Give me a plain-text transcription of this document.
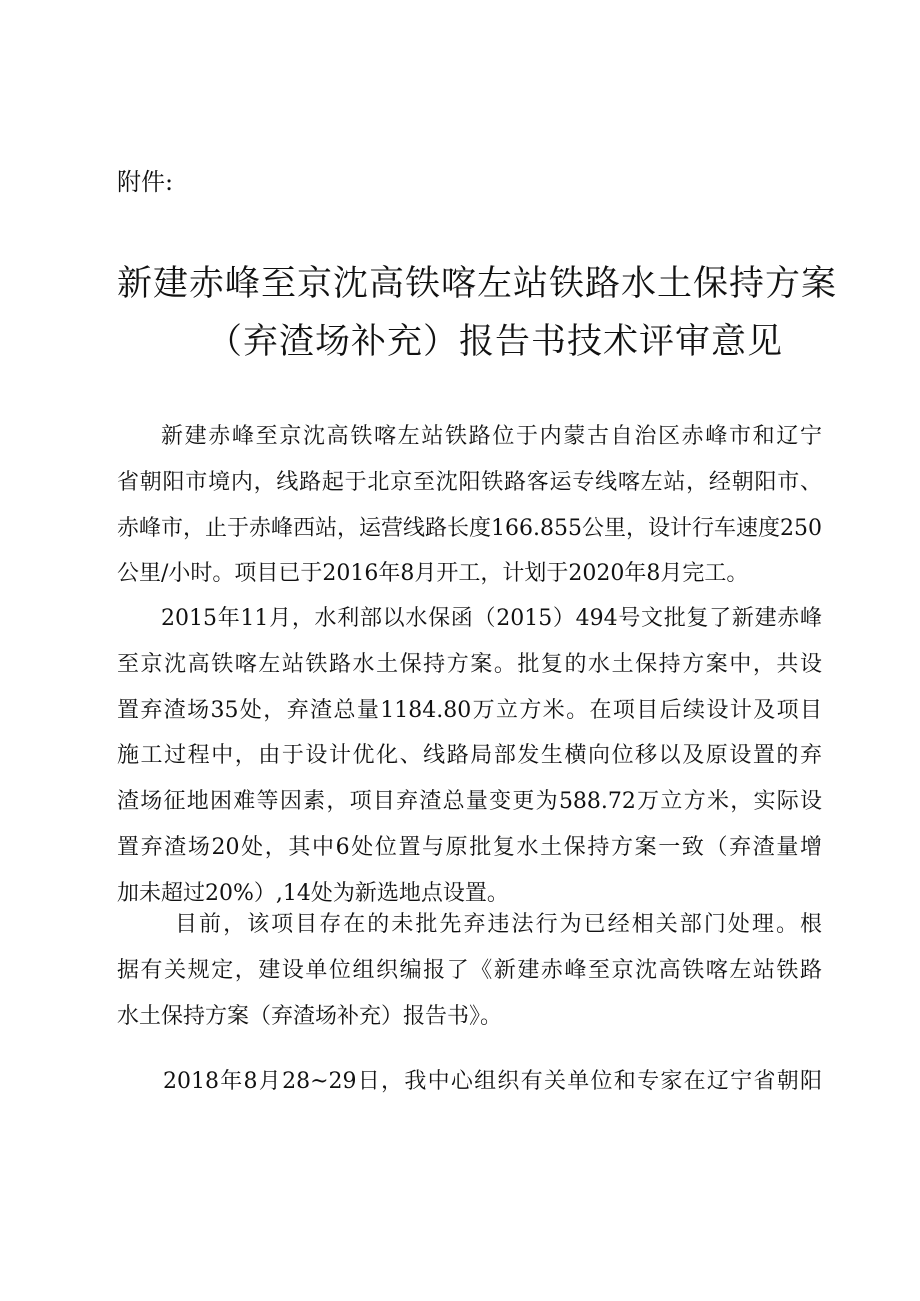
附件:
新建赤峰至京沈高铁喀左站铁路水土保持方案
（弃渣场补充）报告书技术评审意见
新建赤峰至京沈高铁喀左站铁路位于内蒙古自治区赤峰市和辽宁
省朝阳市境内，线路起于北京至沈阳铁路客运专线喀左站，经朝阳市、
赤峰市，止于赤峰西站，运营线路长度166.855公里，设计行车速度250
公里/小时。项目已于2016年8月开工，计划于2020年8月完工。
2015年11月，水利部以水保函（2015）494号文批复了新建赤峰
至京沈高铁喀左站铁路水土保持方案。批复的水土保持方案中，共设
置弃渣场35处，弃渣总量1184.80万立方米。在项目后续设计及项目
施工过程中，由于设计优化、线路局部发生横向位移以及原设置的弃
渣场征地困难等因素，项目弃渣总量变更为588.72万立方米，实际设
置弃渣场20处，其中6处位置与原批复水土保持方案一致（弃渣量增
加未超过20%）,14处为新选地点设置。
目前，该项目存在的未批先弃违法行为已经相关部门处理。根
据有关规定，建设单位组织编报了《新建赤峰至京沈高铁喀左站铁路
水土保持方案（弃渣场补充）报告书》。
2018年8月28~29日，我中心组织有关单位和专家在辽宁省朝阳
